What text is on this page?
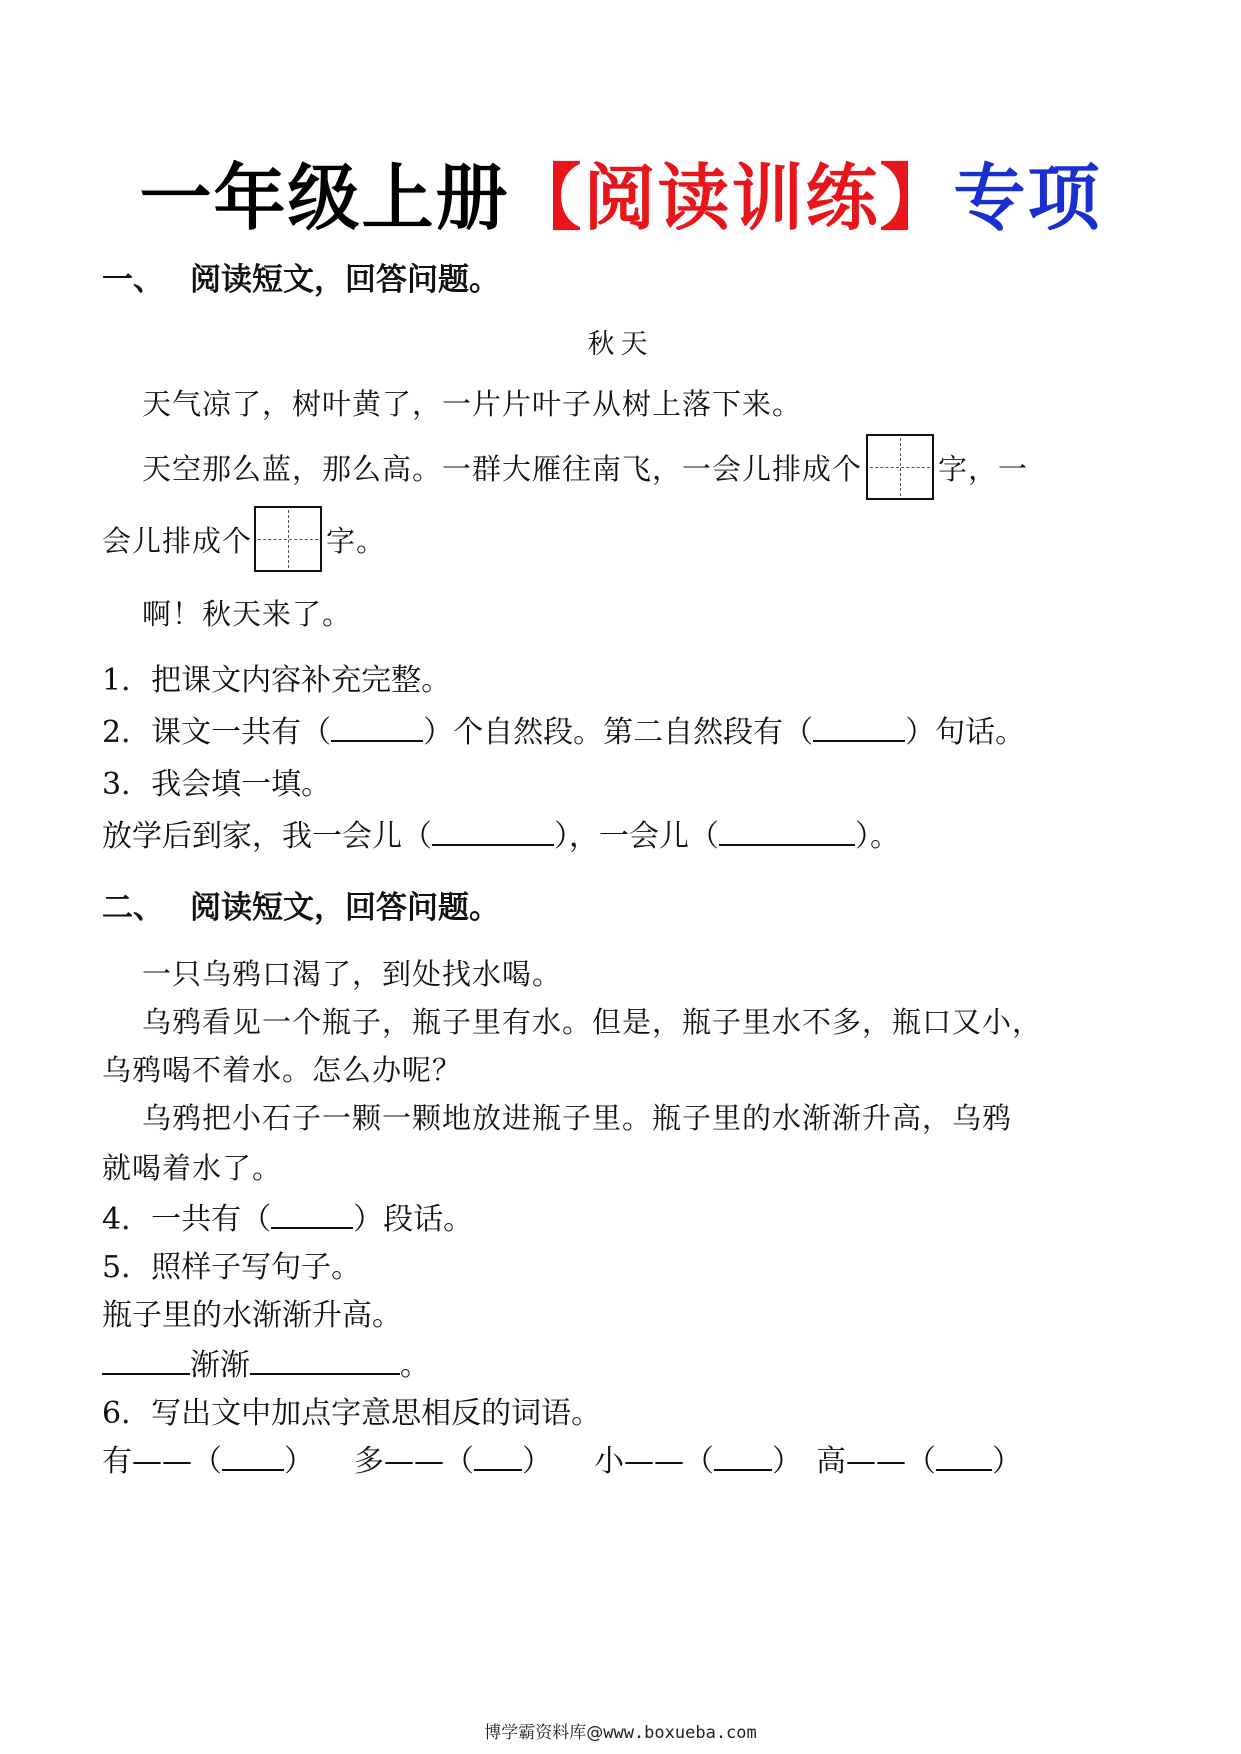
一年级上册【阅读训练】专项
一、 阅读短文，回答问题。
秋天
天气凉了，树叶黄了，一片片叶子从树上落下来。
天空那么蓝，那么高。一群大雁往南飞，一会儿排成个	字，一
会儿排成个	字。
啊！秋天来了。
1．把课文内容补充完整。
2．课文一共有（	）个自然段。第二自然段有（	）句话。
3．我会填一填。
放学后到家，我一会儿（	），一会儿（	）。
二、 阅读短文，回答问题。
一只乌鸦口渴了，到处找水喝。
乌鸦看见一个瓶子，瓶子里有水。但是，瓶子里水不多，瓶口又小，
乌鸦喝不着水。怎么办呢？
乌鸦把小石子一颗一颗地放进瓶子里。瓶子里的水渐渐升高，乌鸦
就喝着水了。
4．一共有（	）段话。
5．照样子写句子。
瓶子里的水渐渐升高。
渐渐	。
6．写出文中加点字意思相反的词语。
有——（ ） 多——（ ） 小——（ ） 高——（ ）
博学霸资料库@www.boxueba.com
